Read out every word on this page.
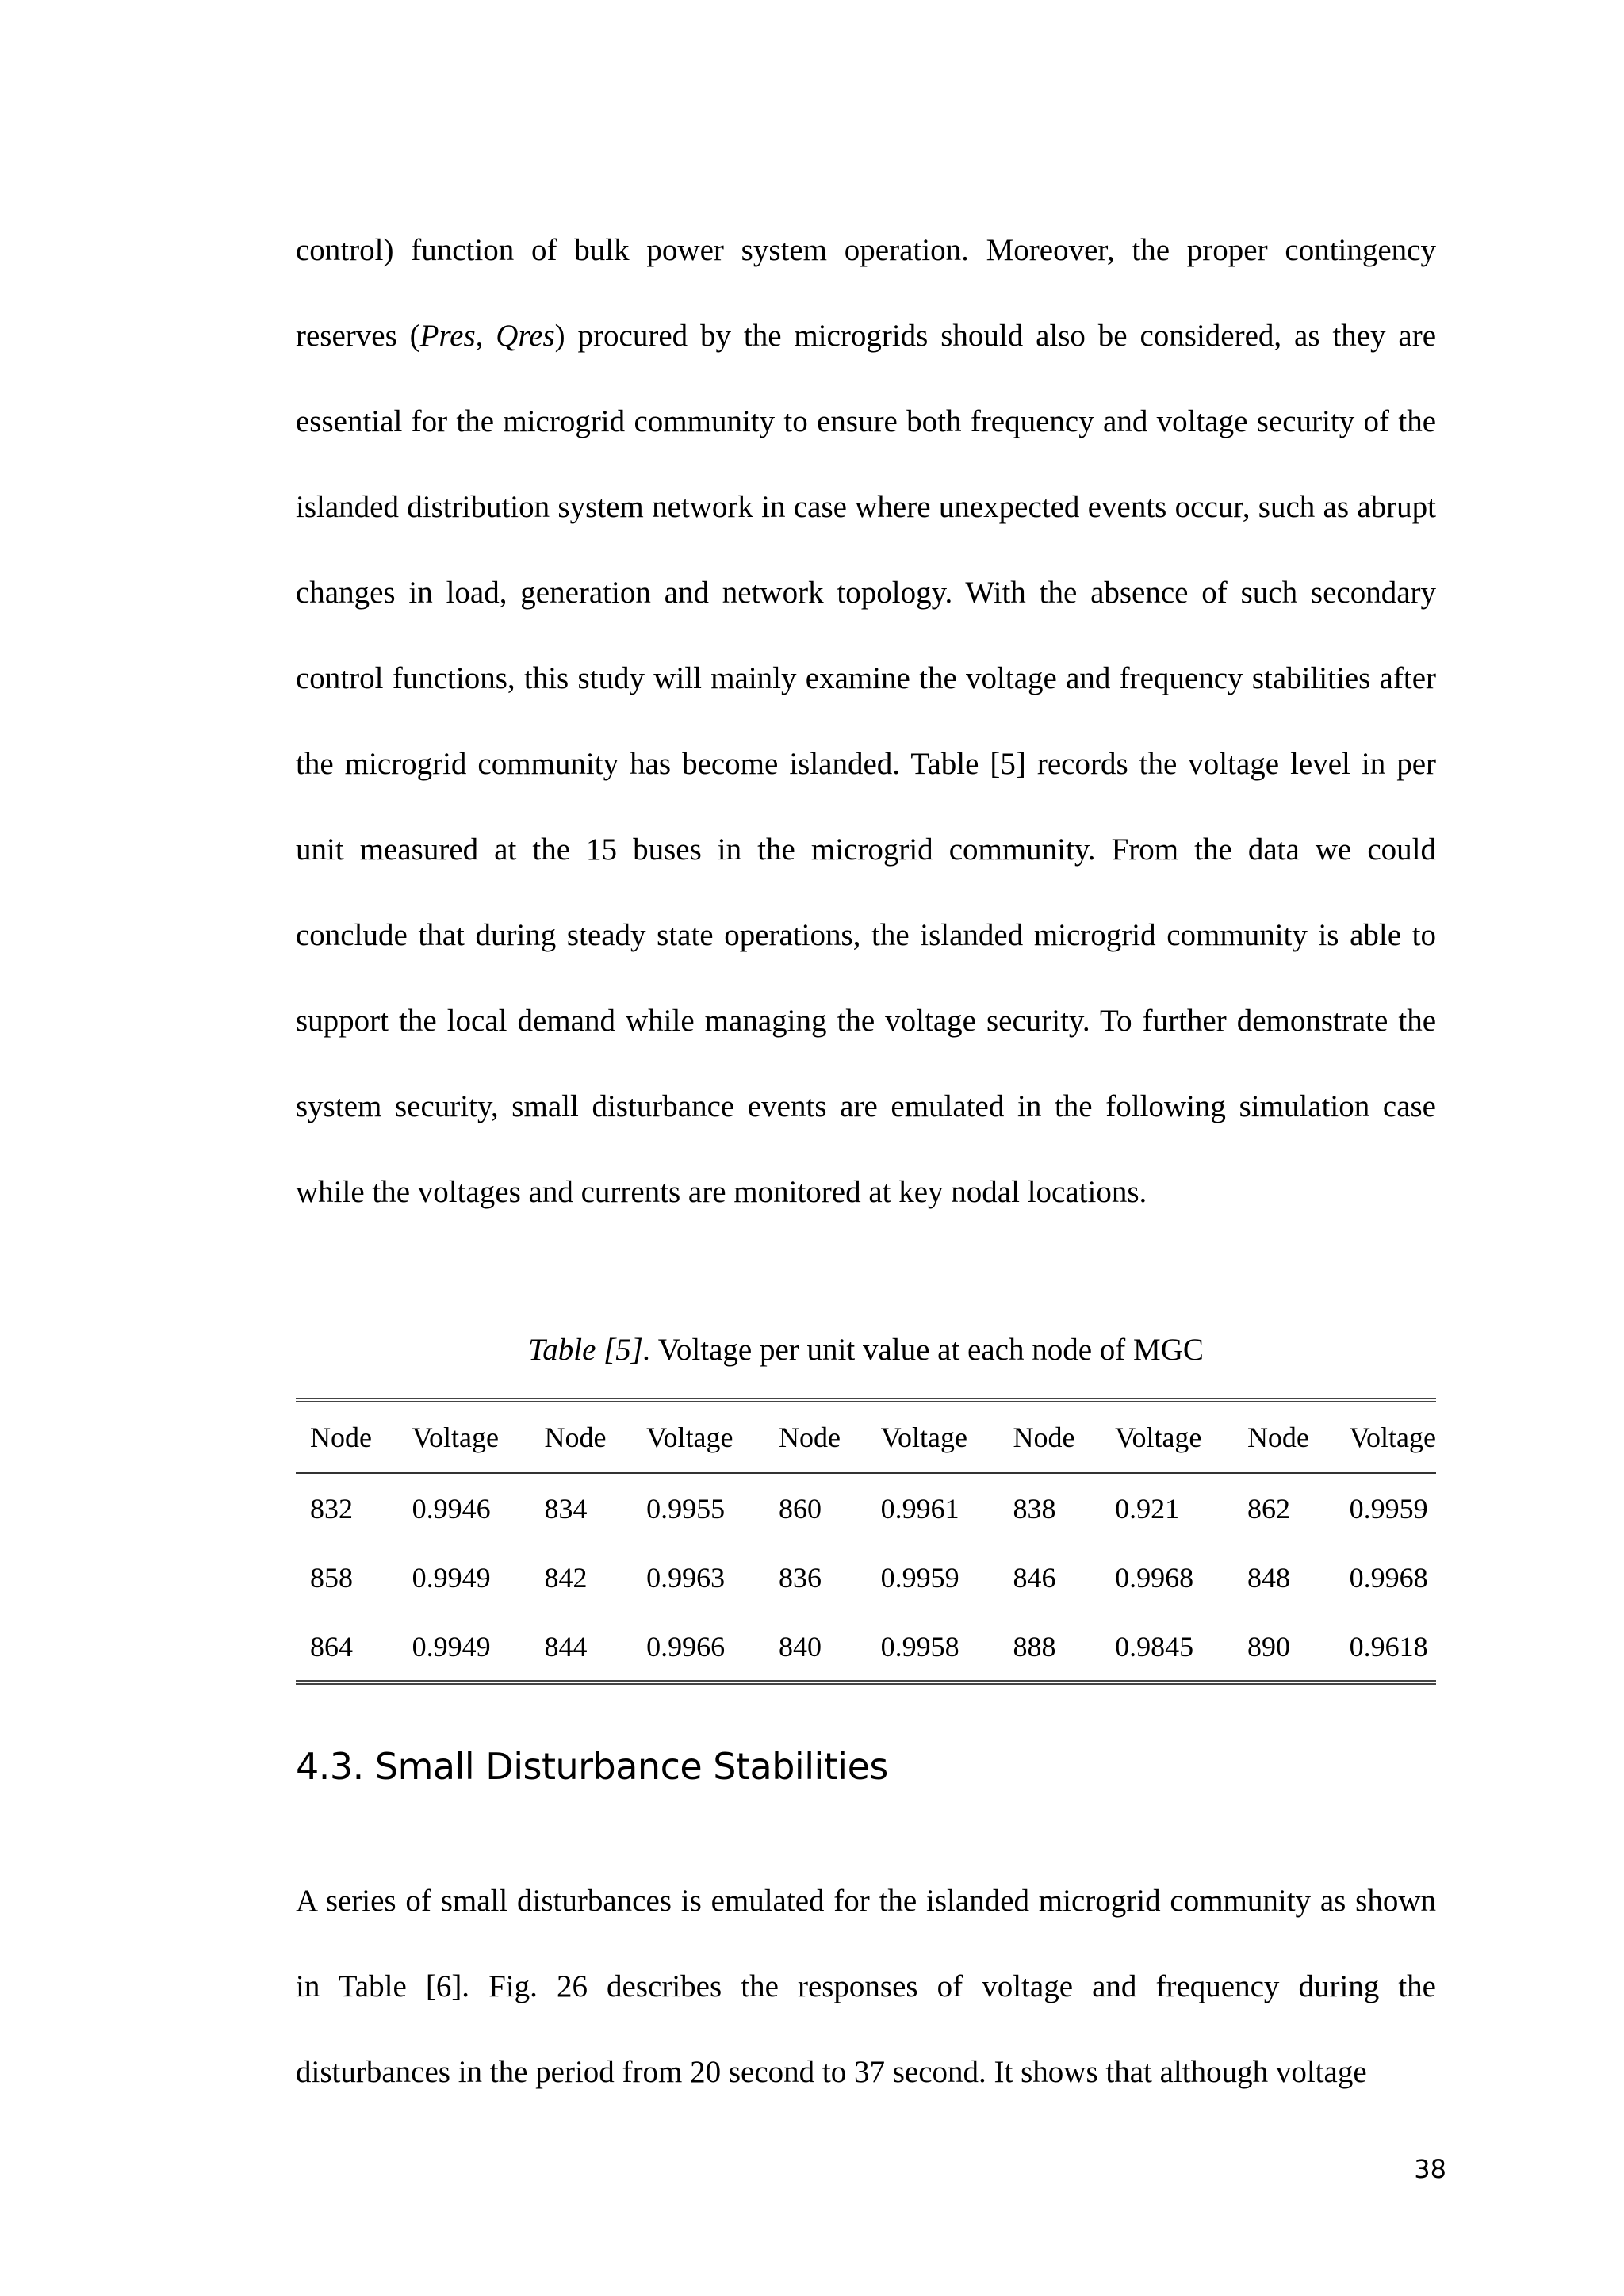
control) function of bulk power system operation. Moreover, the proper contingency reserves (Pres, Qres) procured by the microgrids should also be considered, as they are essential for the microgrid community to ensure both frequency and voltage security of the islanded distribution system network in case where unexpected events occur, such as abrupt changes in load, generation and network topology. With the absence of such secondary control functions, this study will mainly examine the voltage and frequency stabilities after the microgrid community has become islanded. Table [5] records the voltage level in per unit measured at the 15 buses in the microgrid community. From the data we could conclude that during steady state operations, the islanded microgrid community is able to support the local demand while managing the voltage security. To further demonstrate the system security, small disturbance events are emulated in the following simulation case while the voltages and currents are monitored at key nodal locations.

Table [5]. Voltage per unit value at each node of MGC

Node	Voltage	Node	Voltage	Node	Voltage	Node	Voltage	Node	Voltage
832	0.9946	834	0.9955	860	0.9961	838	0.921	862	0.9959
858	0.9949	842	0.9963	836	0.9959	846	0.9968	848	0.9968
864	0.9949	844	0.9966	840	0.9958	888	0.9845	890	0.9618
4.3. Small Disturbance Stabilities

A series of small disturbances is emulated for the islanded microgrid community as shown in Table [6]. Fig. 26 describes the responses of voltage and frequency during the disturbances in the period from 20 second to 37 second. It shows that although voltage

38
